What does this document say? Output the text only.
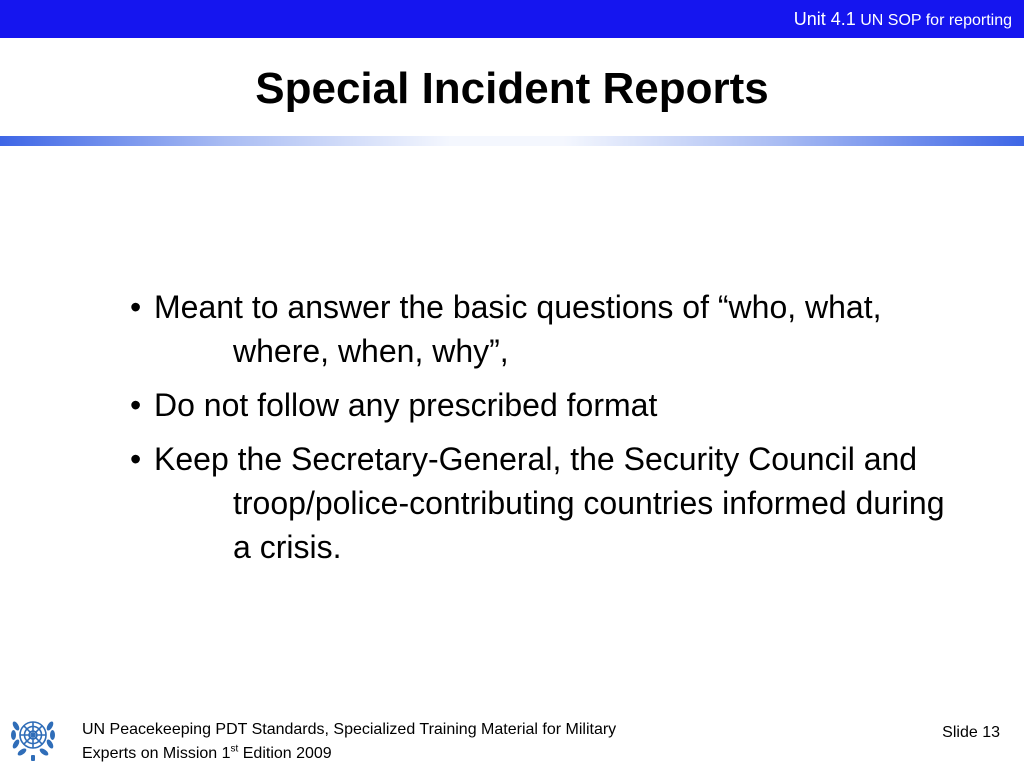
Unit 4.1 UN SOP for reporting
Special Incident Reports
• Meant to answer the basic questions of “who, what, where, when, why”,
• Do not follow any prescribed format
• Keep the Secretary-General, the Security Council and troop/police-contributing countries informed during a crisis.
UN Peacekeeping PDT Standards, Specialized Training Material for Military
Experts on Mission 1st Edition 2009
Slide 13
